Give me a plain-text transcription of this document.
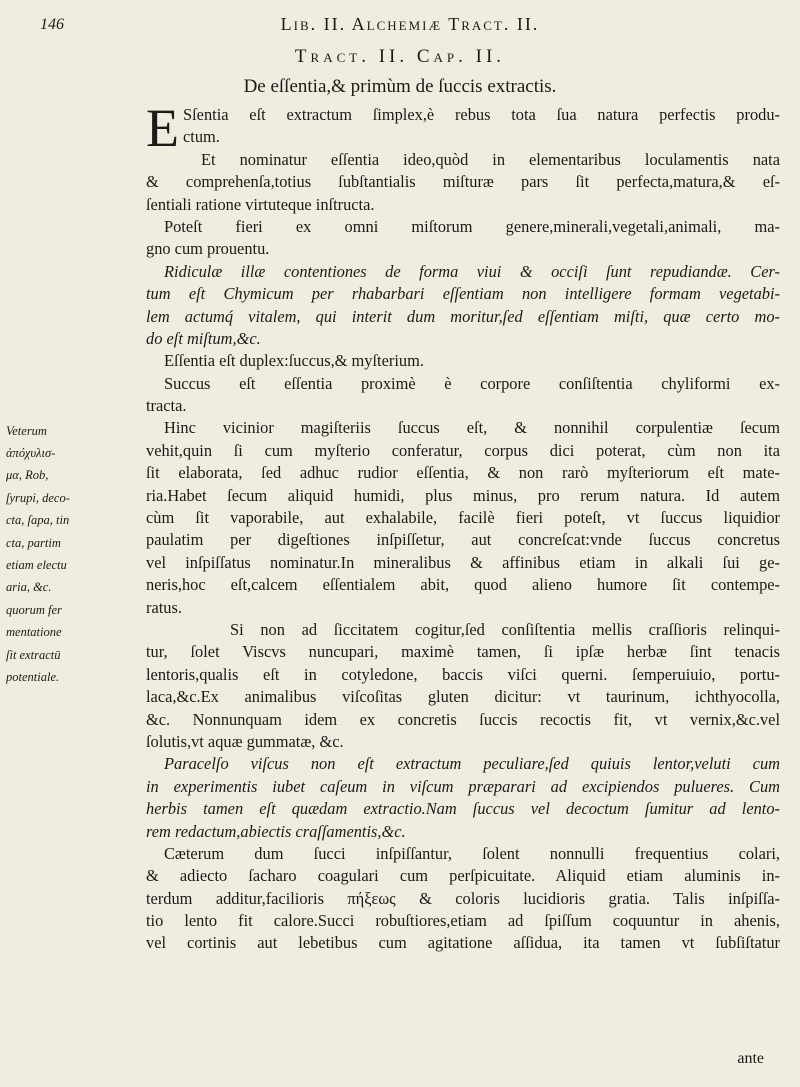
146	Lib. II. Alchemiæ Tract. II.
Tract. II. Cap. II.
De eſſentia,& primùm de ſuccis extractis.
Veterum
ἀπόχυλισ-
μα, Rob,
ſyrupi, deco-
cta, ſapa, tin
cta, partim
etiam electu
aria, &c.
quorum fer
mentatione
ſit extractū
potentiale.
E Sſentia eſt extractum ſimplex,è rebus tota ſua natura perfectis produ-
ctum.
Et nominatur eſſentia ideo,quòd in elementaribus loculamentis nata
& comprehenſa,totius ſubſtantialis miſturæ pars ſit perfecta,matura,& eſ-
ſentiali ratione virtuteque inſtructa.
Poteſt fieri ex omni miſtorum genere,minerali,vegetali,animali, ma-
gno cum prouentu.
Ridiculæ illæ contentiones de forma viui & occiſi ſunt repudiandæ. Cer-
tum eſt Chymicum per rhabarbari eſſentiam non intelligere formam vegetabi-
lem actumq́ vitalem, qui interit dum moritur,ſed eſſentiam miſti, quæ certo mo-
do eſt miſtum,&c.
Eſſentia eſt duplex:ſuccus,& myſterium.
Succus eſt eſſentia proximè è corpore conſiſtentia chyliformi ex-
tracta.
Hinc vicinior magiſteriis ſuccus eſt, & nonnihil corpulentiæ ſecum
vehit,quin ſi cum myſterio conferatur, corpus dici poterat, cùm non ita
ſit elaborata, ſed adhuc rudior eſſentia, & non rarò myſteriorum eſt mate-
ria.Habet ſecum aliquid humidi, plus minus, pro rerum natura. Id autem
cùm ſit vaporabile, aut exhalabile, facilè fieri poteſt, vt ſuccus liquidior
paulatim per digeſtiones inſpiſſetur, aut concreſcat:vnde ſuccus concretus
vel inſpiſſatus nominatur.In mineralibus & affinibus etiam in alkali ſui ge-
neris,hoc eſt,calcem eſſentialem abit, quod alieno humore ſit contempe-
ratus.
Si non ad ſiccitatem cogitur,ſed conſiſtentia mellis craſſioris relinqui-
tur, ſolet Viscvs nuncupari, maximè tamen, ſi ipſæ herbæ ſint tenacis
lentoris,qualis eſt in cotyledone, baccis viſci querni. ſemperuiuio, portu-
laca,&c.Ex animalibus viſcoſitas gluten dicitur: vt taurinum, ichthyocolla,
&c. Nonnunquam idem ex concretis ſuccis recoctis fit, vt vernix,&c.vel
ſolutis,vt aquæ gummatæ, &c.
Paracelſo viſcus non eſt extractum peculiare,ſed quiuis lentor,veluti cum
in experimentis iubet caſeum in viſcum præparari ad excipiendos pulueres. Cum
herbis tamen eſt quædam extractio.Nam ſuccus vel decoctum ſumitur ad lento-
rem redactum,abiectis craſſamentis,&c.
Cæterum dum ſucci inſpiſſantur, ſolent nonnulli frequentius colari,
& adiecto ſacharo coagulari cum perſpicuitate. Aliquid etiam aluminis in-
terdum additur,facilioris πήξεως & coloris lucidioris gratia. Talis inſpiſſa-
tio lento fit calore.Succi robuſtiores,etiam ad ſpiſſum coquuntur in ahenis,
vel cortinis aut lebetibus cum agitatione aſſidua, ita tamen vt ſubſiſtatur
ante
